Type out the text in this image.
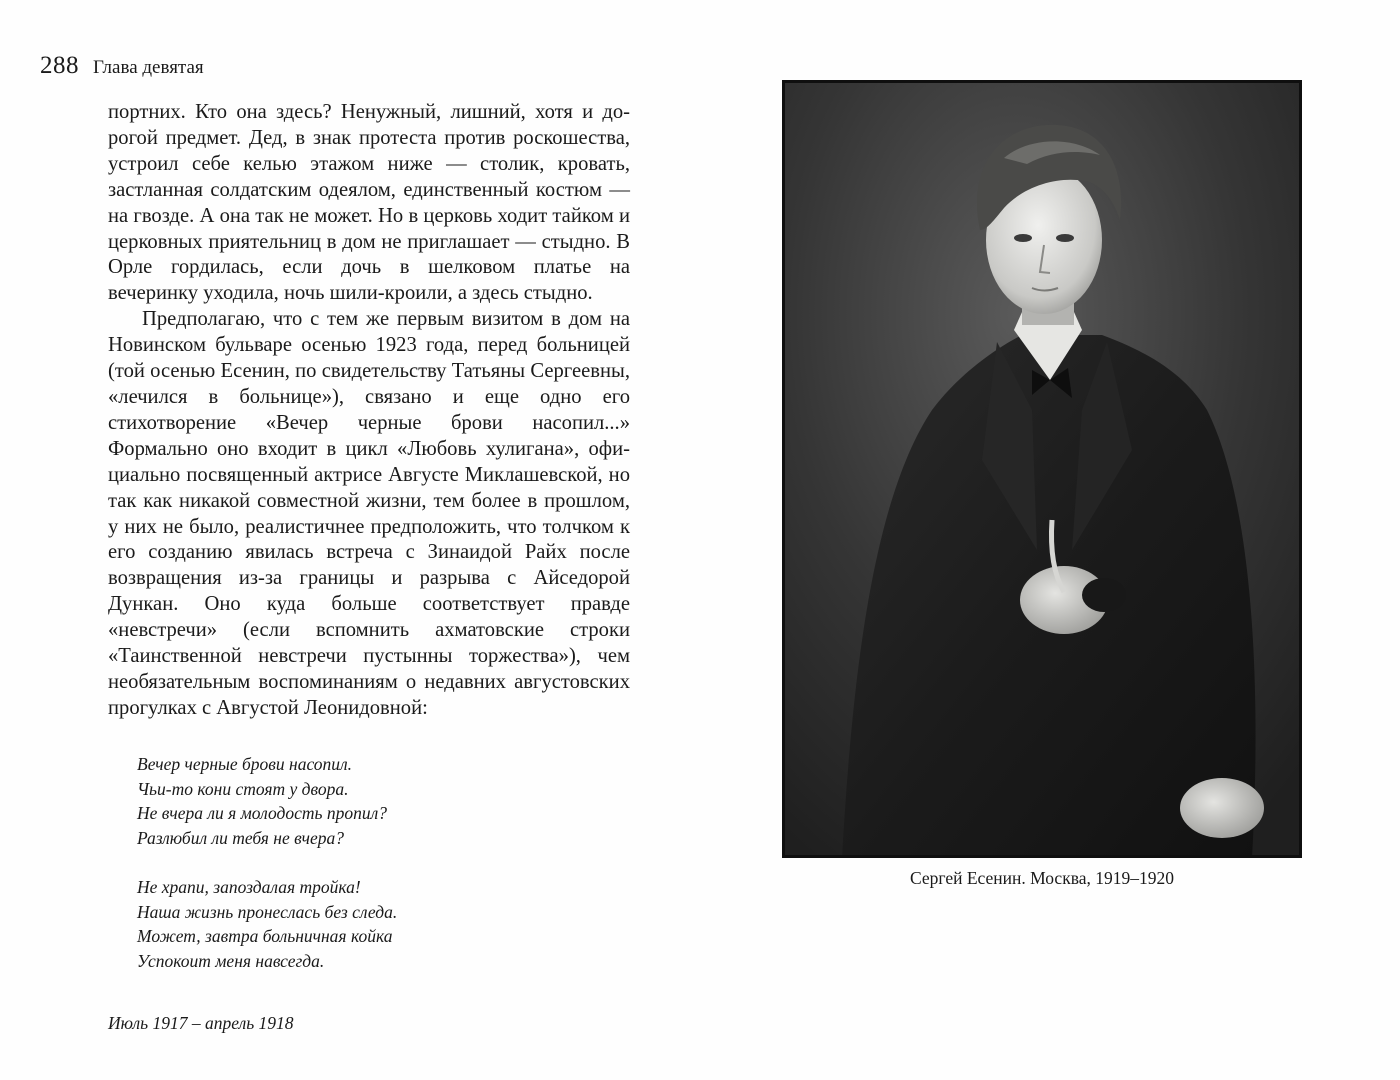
288 Глава девятая

портних. Кто она здесь? Ненужный, лишний, хотя и дорогой предмет. Дед, в знак протеста против роскошества, устроил себе келью этажом ниже — столик, кровать, застланная солдатским одеялом, единственный костюм — на гвозде. А она так не может. Но в церковь ходит тайком и церковных приятельниц в дом не приглашает — стыдно. В Орле гордилась, если дочь в шелковом платье на вечеринку уходила, ночь шили-кроили, а здесь стыдно.

Предполагаю, что с тем же первым визитом в дом на Новинском бульваре осенью 1923 года, перед больницей (той осенью Есенин, по свидетельству Татьяны Сергеевны, «лечился в больнице»), связано и еще одно его стихотворение «Вечер черные брови насопил...» Формально оно входит в цикл «Любовь хулигана», официально посвященный актрисе Августе Миклашевской, но так как никакой совместной жизни, тем более в прошлом, у них не было, реалистичнее предположить, что толчком к его созданию явилась встреча с Зинаидой Райх после возвращения из-за границы и разрыва с Айседорой Дункан. Оно куда больше соответствует правде «невстречи» (если вспомнить ахматовские строки «Таинственной невстречи пустынны торжества»), чем необязательным воспоминаниям о недавних августовских прогулках с Августой Леонидовной:

Вечер черные брови насопил.
Чьи-то кони стоят у двора.
Не вчера ли я молодость пропил?
Разлюбил ли тебя не вчера?
Не храпи, запоздалая тройка!
Наша жизнь пронеслась без следа.
Может, завтра больничная койка
Успокоит меня навсегда.
Июль 1917 – апрель 1918
Сергей Есенин. Москва, 1919–1920
